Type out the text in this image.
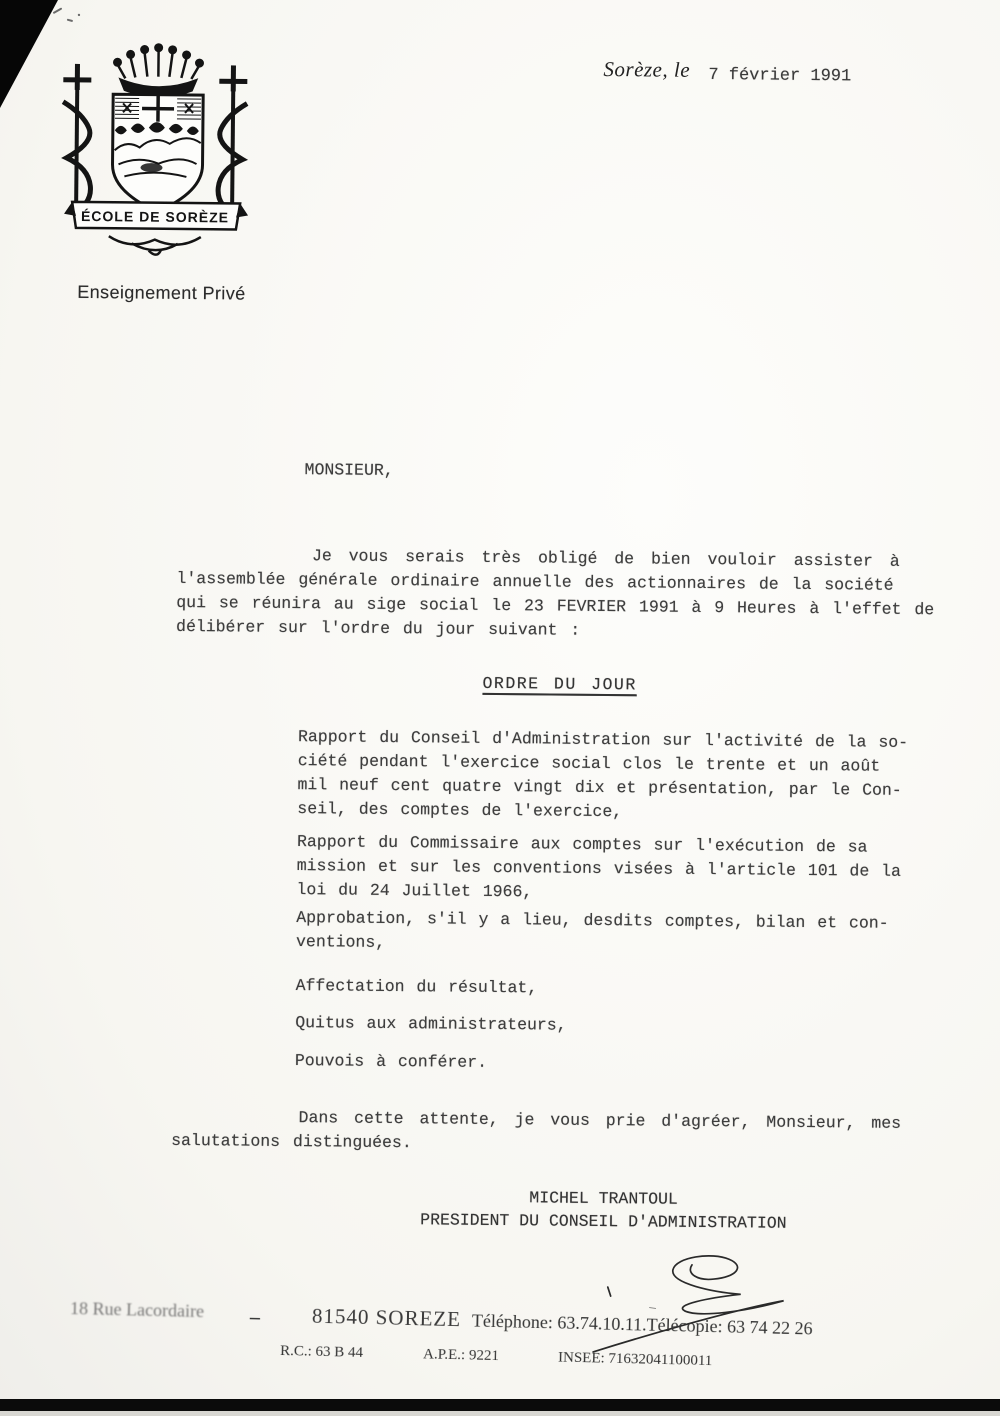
ÉCOLE DE SORÈZE
Enseignement Privé
Sorèze, le 7 février 1991
MONSIEUR,
Je vous serais très obligé de bien vouloir assister à
l'assemblée générale ordinaire annuelle des actionnaires de la société
qui se réunira au sige social le 23 FEVRIER 1991 à 9 Heures à l'effet de
délibérer sur l'ordre du jour suivant :
ORDRE DU JOUR
Rapport du Conseil d'Administration sur l'activité de la so-
ciété pendant l'exercice social clos le trente et un août
mil neuf cent quatre vingt dix et présentation, par le Con-
seil, des comptes de l'exercice,
Rapport du Commissaire aux comptes sur l'exécution de sa
mission et sur les conventions visées à l'article 101 de la
loi du 24 Juillet 1966,
Approbation, s'il y a lieu, desdits comptes, bilan et con-
ventions,
Affectation du résultat,
Quitus aux administrateurs,
Pouvois à conférer.
Dans cette attente, je vous prie d'agréer, Monsieur, mes
salutations distinguées.
MICHEL TRANTOUL
PRESIDENT DU CONSEIL D'ADMINISTRATION
18 Rue Lacordaire – 81540 SOREZE Téléphone: 63.74.10.11.Télécopie: 63 74 22 26
R.C.: 63 B 44	A.P.E.: 9221	INSEE: 71632041100011
